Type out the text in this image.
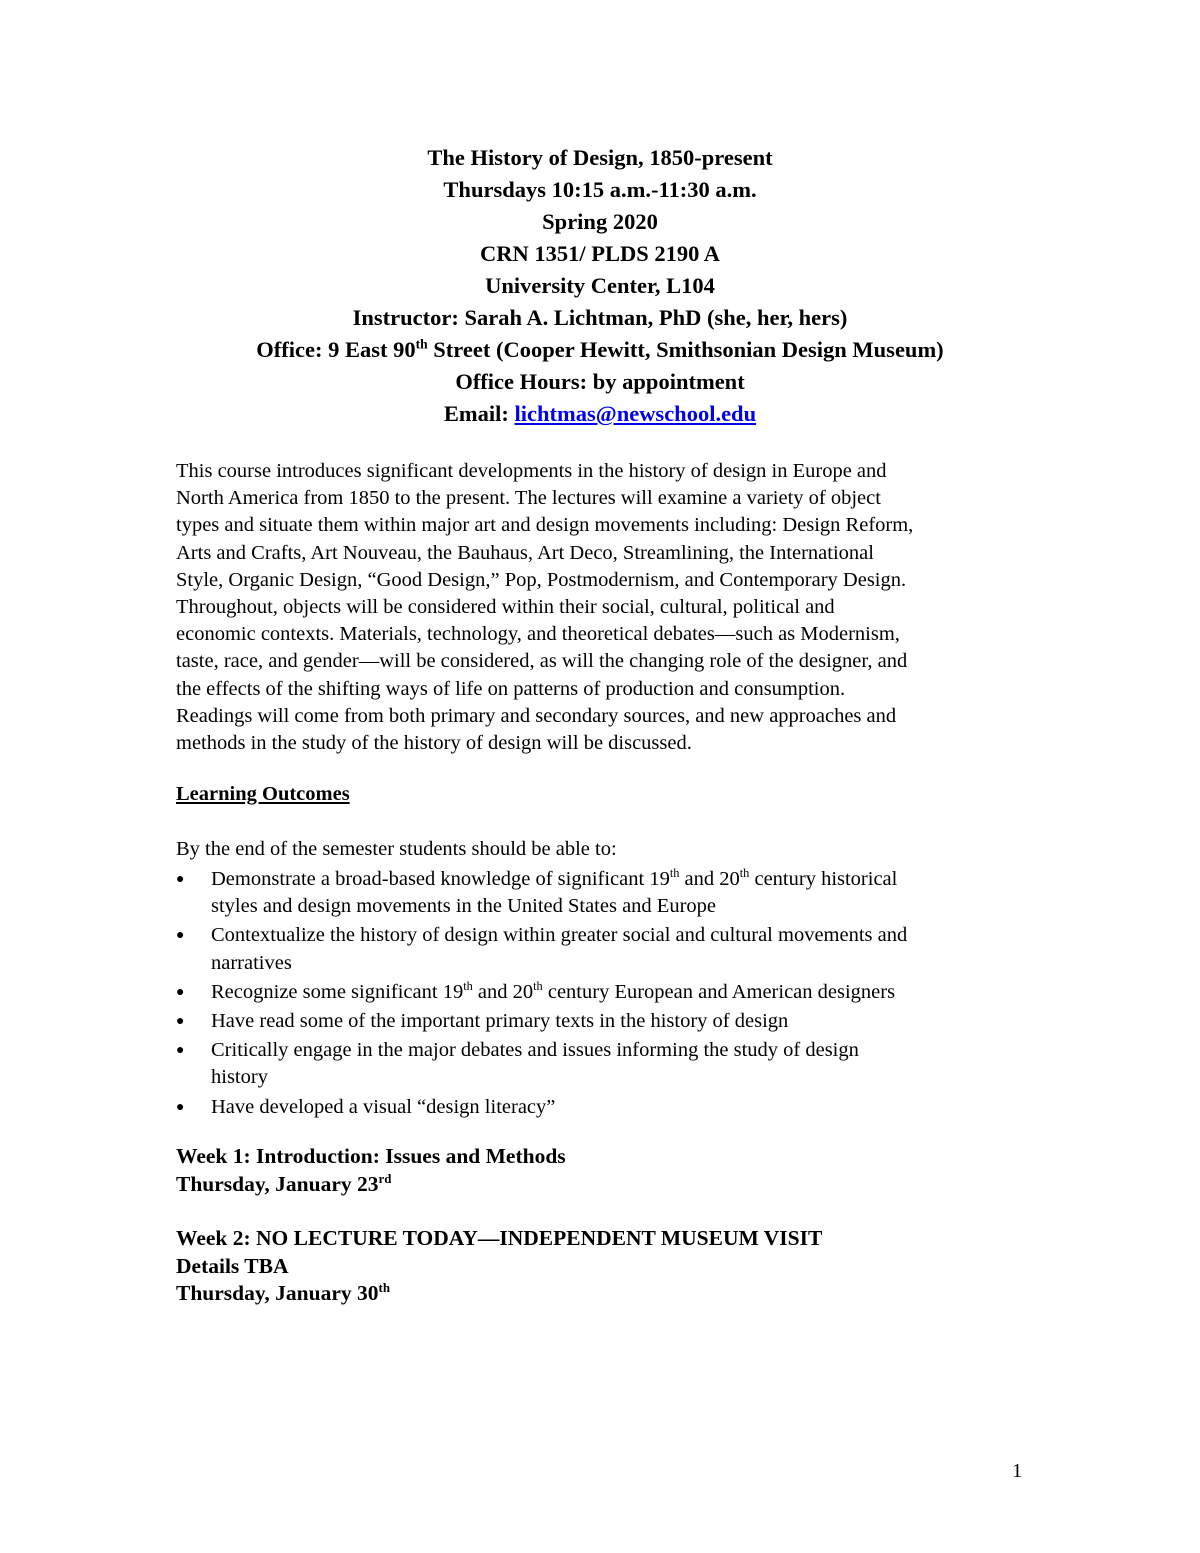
The History of Design, 1850-present
Thursdays 10:15 a.m.-11:30 a.m.
Spring 2020
CRN 1351/ PLDS 2190 A
University Center, L104
Instructor: Sarah A. Lichtman, PhD (she, her, hers)
Office: 9 East 90th Street (Cooper Hewitt, Smithsonian Design Museum)
Office Hours: by appointment
Email: lichtmas@newschool.edu
This course introduces significant developments in the history of design in Europe and
North America from 1850 to the present. The lectures will examine a variety of object
types and situate them within major art and design movements including: Design Reform,
Arts and Crafts, Art Nouveau, the Bauhaus, Art Deco, Streamlining, the International
Style, Organic Design, “Good Design,” Pop, Postmodernism, and Contemporary Design.
Throughout, objects will be considered within their social, cultural, political and
economic contexts. Materials, technology, and theoretical debates—such as Modernism,
taste, race, and gender—will be considered, as will the changing role of the designer, and
the effects of the shifting ways of life on patterns of production and consumption.
Readings will come from both primary and secondary sources, and new approaches and
methods in the study of the history of design will be discussed.
Learning Outcomes
By the end of the semester students should be able to:
● Demonstrate a broad-based knowledge of significant 19th and 20th century historical
styles and design movements in the United States and Europe
● Contextualize the history of design within greater social and cultural movements and
narratives
● Recognize some significant 19th and 20th century European and American designers
● Have read some of the important primary texts in the history of design
● Critically engage in the major debates and issues informing the study of design
history
● Have developed a visual “design literacy”
Week 1: Introduction: Issues and Methods
Thursday, January 23rd
Week 2: NO LECTURE TODAY—INDEPENDENT MUSEUM VISIT
Details TBA
Thursday, January 30th
1
